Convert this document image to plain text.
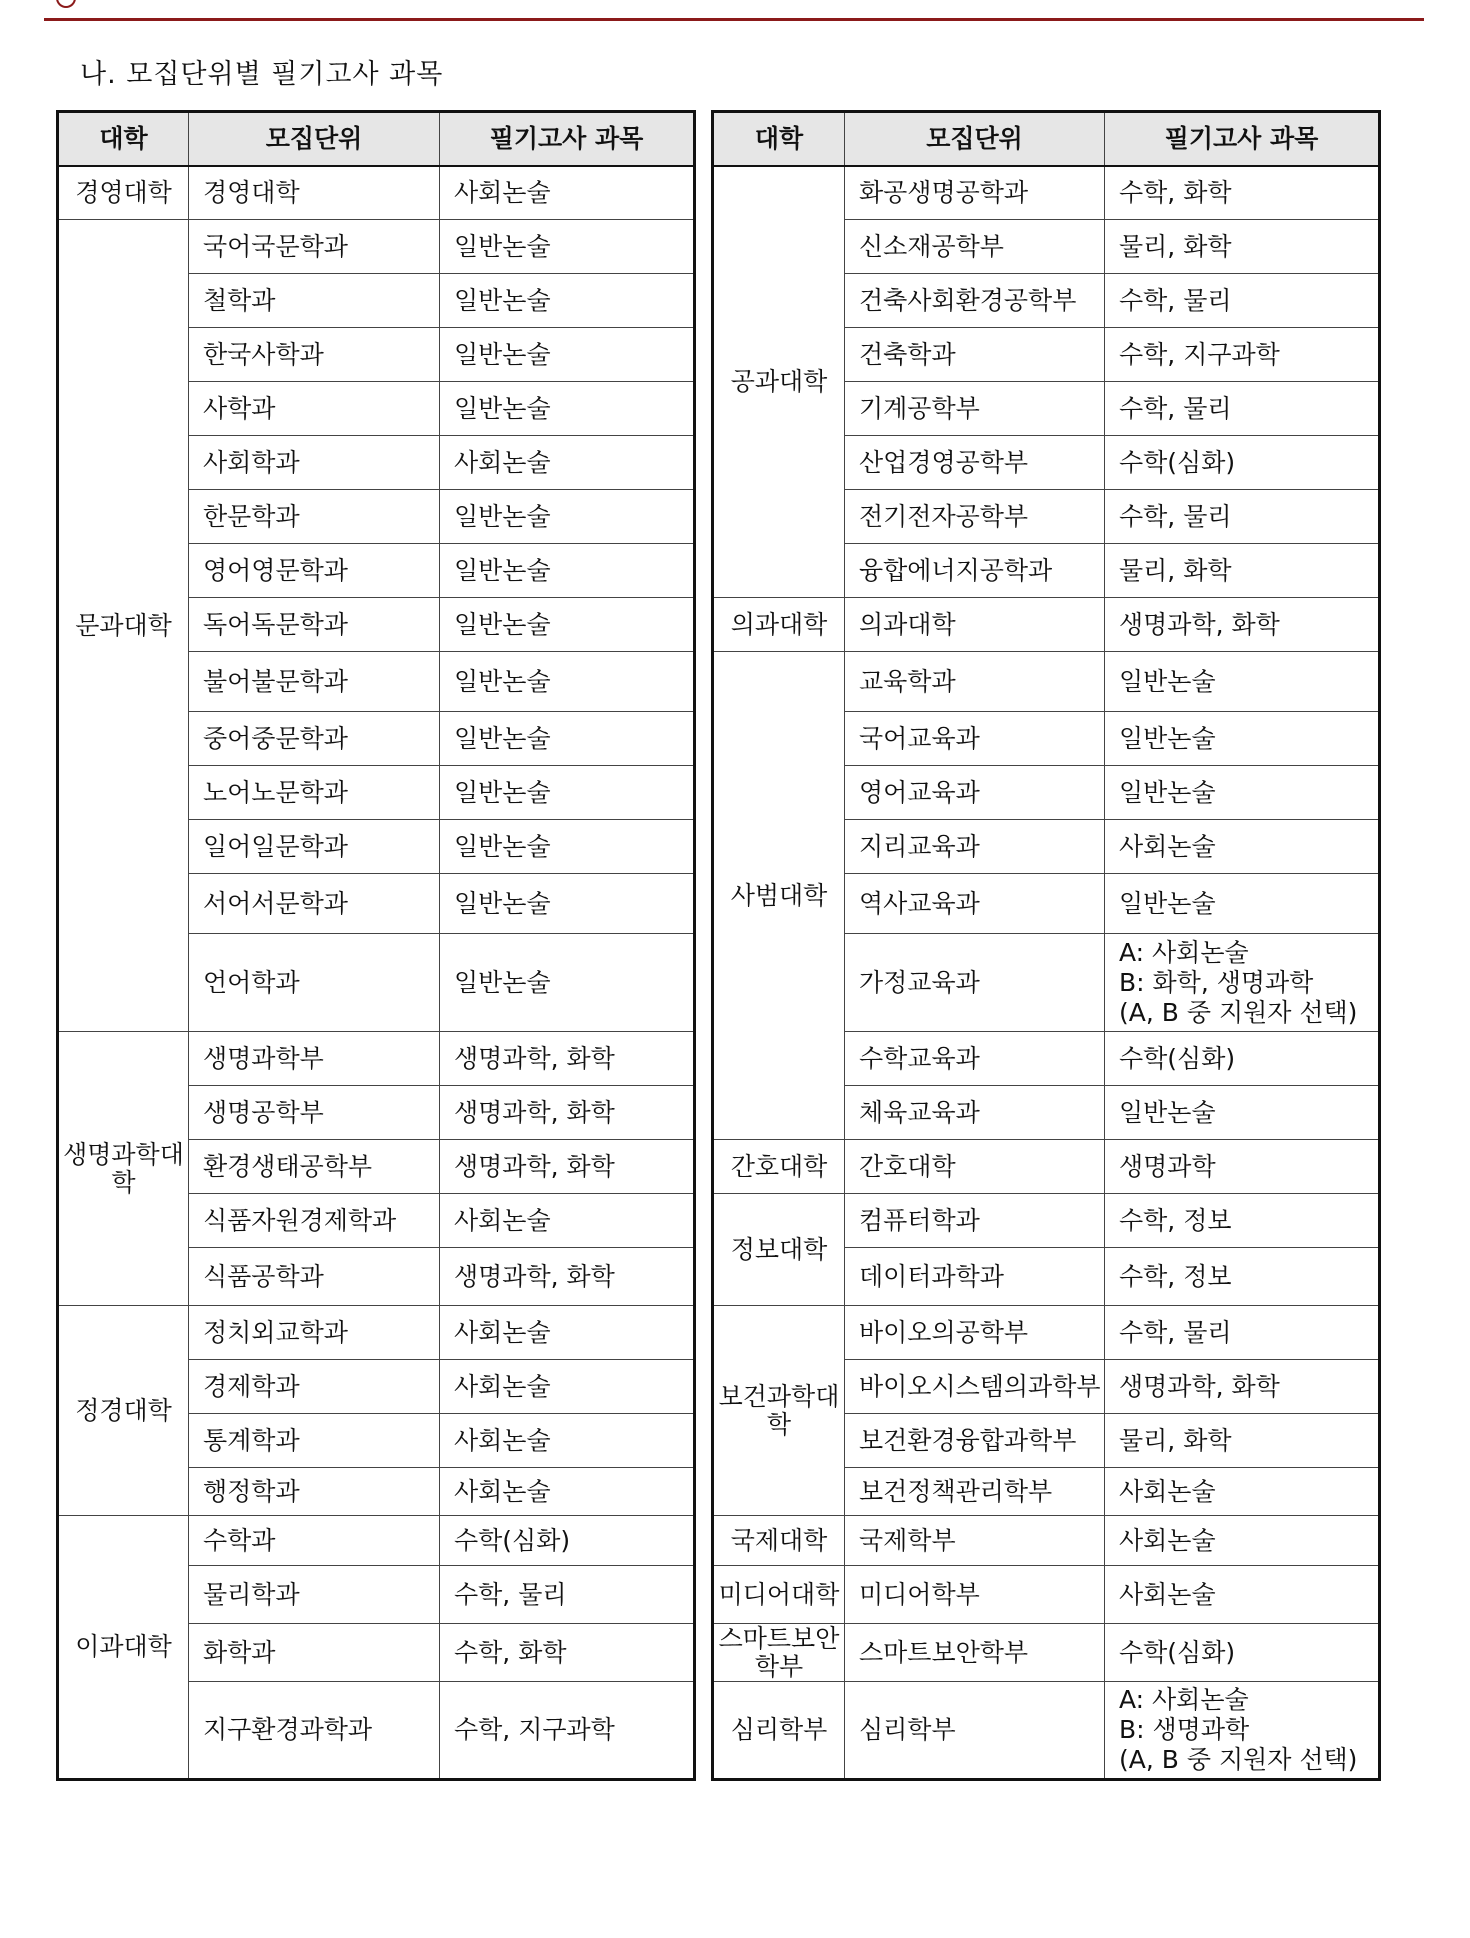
나. 모집단위별 필기고사 과목
대학	모집단위	필기고사 과목
경영대학	경영대학	사회논술
문과대학	국어국문학과	일반논술
	철학과	일반논술
	한국사학과	일반논술
	사학과	일반논술
	사회학과	사회논술
	한문학과	일반논술
	영어영문학과	일반논술
	독어독문학과	일반논술
	불어불문학과	일반논술
	중어중문학과	일반논술
	노어노문학과	일반논술
	일어일문학과	일반논술
	서어서문학과	일반논술
	언어학과	일반논술
생명과학대학	생명과학부	생명과학, 화학
	생명공학부	생명과학, 화학
	환경생태공학부	생명과학, 화학
	식품자원경제학과	사회논술
	식품공학과	생명과학, 화학
정경대학	정치외교학과	사회논술
	경제학과	사회논술
	통계학과	사회논술
	행정학과	사회논술
이과대학	수학과	수학(심화)
	물리학과	수학, 물리
	화학과	수학, 화학
	지구환경과학과	수학, 지구과학
대학	모집단위	필기고사 과목
공과대학	화공생명공학과	수학, 화학
	신소재공학부	물리, 화학
	건축사회환경공학부	수학, 물리
	건축학과	수학, 지구과학
	기계공학부	수학, 물리
	산업경영공학부	수학(심화)
	전기전자공학부	수학, 물리
	융합에너지공학과	물리, 화학
의과대학	의과대학	생명과학, 화학
사범대학	교육학과	일반논술
	국어교육과	일반논술
	영어교육과	일반논술
	지리교육과	사회논술
	역사교육과	일반논술
	가정교육과	A: 사회논술
B: 화학, 생명과학
(A, B 중 지원자 선택)
	수학교육과	수학(심화)
	체육교육과	일반논술
간호대학	간호대학	생명과학
정보대학	컴퓨터학과	수학, 정보
	데이터과학과	수학, 정보
보건과학대학	바이오의공학부	수학, 물리
	바이오시스템의과학부	생명과학, 화학
	보건환경융합과학부	물리, 화학
	보건정책관리학부	사회논술
국제대학	국제학부	사회논술
미디어대학	미디어학부	사회논술
스마트보안학부	스마트보안학부	수학(심화)
심리학부	심리학부	A: 사회논술
B: 생명과학
(A, B 중 지원자 선택)
